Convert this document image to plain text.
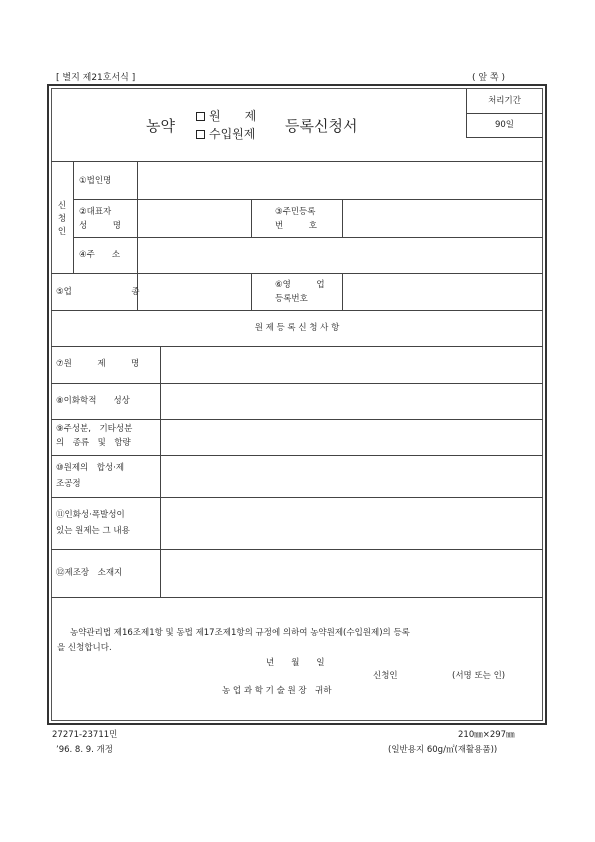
[ 별지 제21호서식 ]	( 앞 쪽 )
농약
원　　제
수입원제 등록신청서
처리기간
90일
신
청
인
①법인명
②대표자
성　　　명
③주민등록
번　　　호
④주　　소
⑤업　　　　　　　종
⑥영　　　업
등록번호
원 제 등 록 신 청 사 항
⑦원　　　제　　　명
⑧이화학적　　성상
⑨주성분,　기타성분
의　종류　및　함량
⑩원제의　합성·제
조공정
⑪인화성·폭발성이
있는 원제는 그 내용
⑫제조장　소재지
농약관리법 제16조제1항 및 동법 제17조제1항의 규정에 의하여 농약원제(수입원제)의 등록
을 신청합니다.
년　　월　　일
신청인	(서명 또는 인)
농 업 과 학 기 술 원 장　귀하
27271-23711민
’96. 8. 9. 개정
210㎜×297㎜
(일반용지 60g/㎡(재활용품))
